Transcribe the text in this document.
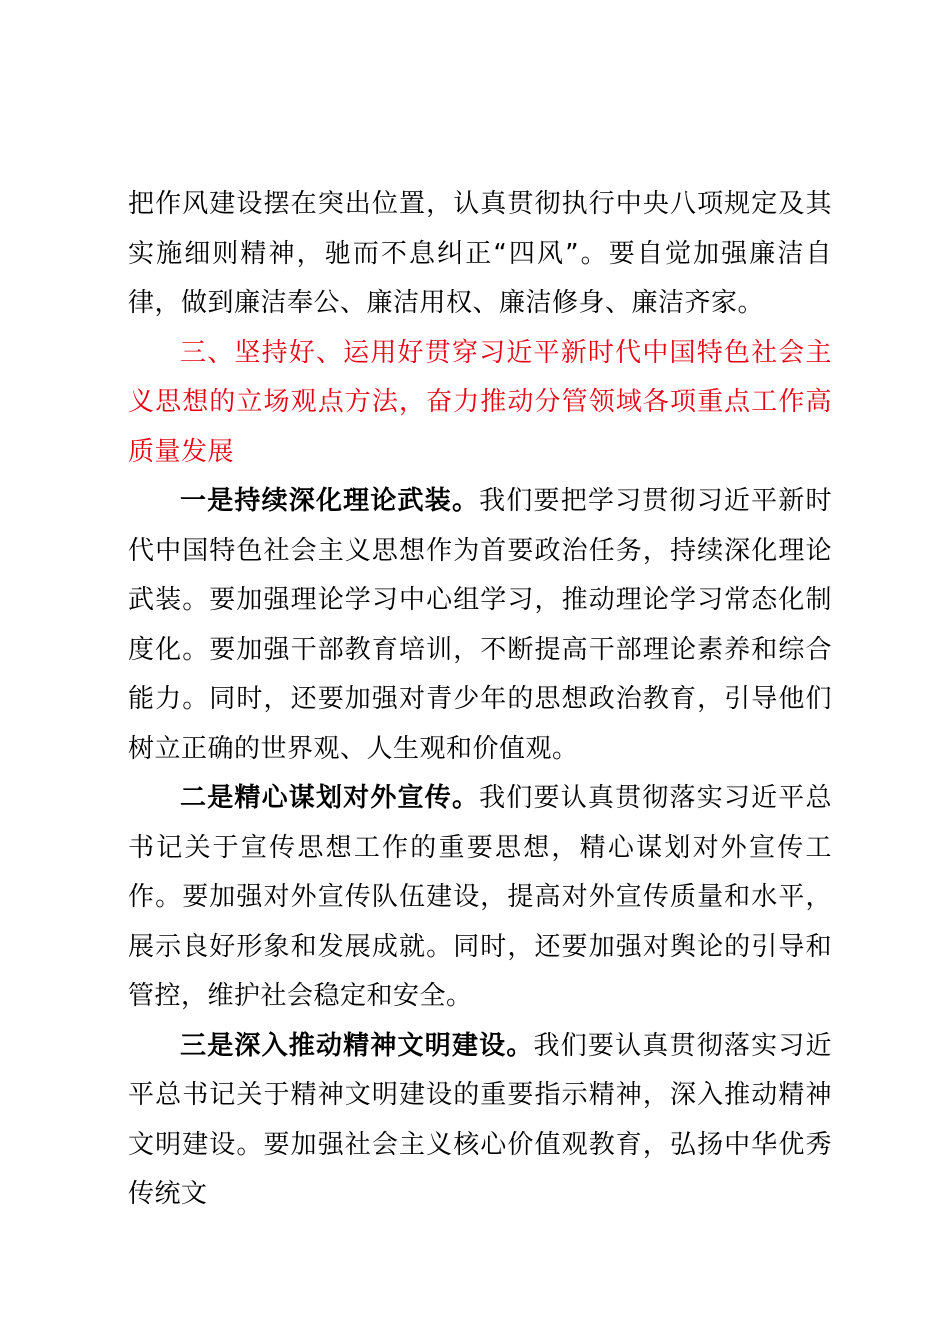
把作风建设摆在突出位置，认真贯彻执行中央八项规定及其实施细则精神，驰而不息纠正“四风”。要自觉加强廉洁自律，做到廉洁奉公、廉洁用权、廉洁修身、廉洁齐家。

三、坚持好、运用好贯穿习近平新时代中国特色社会主义思想的立场观点方法，奋力推动分管领域各项重点工作高质量发展

一是持续深化理论武装。我们要把学习贯彻习近平新时代中国特色社会主义思想作为首要政治任务，持续深化理论武装。要加强理论学习中心组学习，推动理论学习常态化制度化。要加强干部教育培训，不断提高干部理论素养和综合能力。同时，还要加强对青少年的思想政治教育，引导他们树立正确的世界观、人生观和价值观。

二是精心谋划对外宣传。我们要认真贯彻落实习近平总书记关于宣传思想工作的重要思想，精心谋划对外宣传工作。要加强对外宣传队伍建设，提高对外宣传质量和水平，展示良好形象和发展成就。同时，还要加强对舆论的引导和管控，维护社会稳定和安全。

三是深入推动精神文明建设。我们要认真贯彻落实习近平总书记关于精神文明建设的重要指示精神，深入推动精神文明建设。要加强社会主义核心价值观教育，弘扬中华优秀传统文
